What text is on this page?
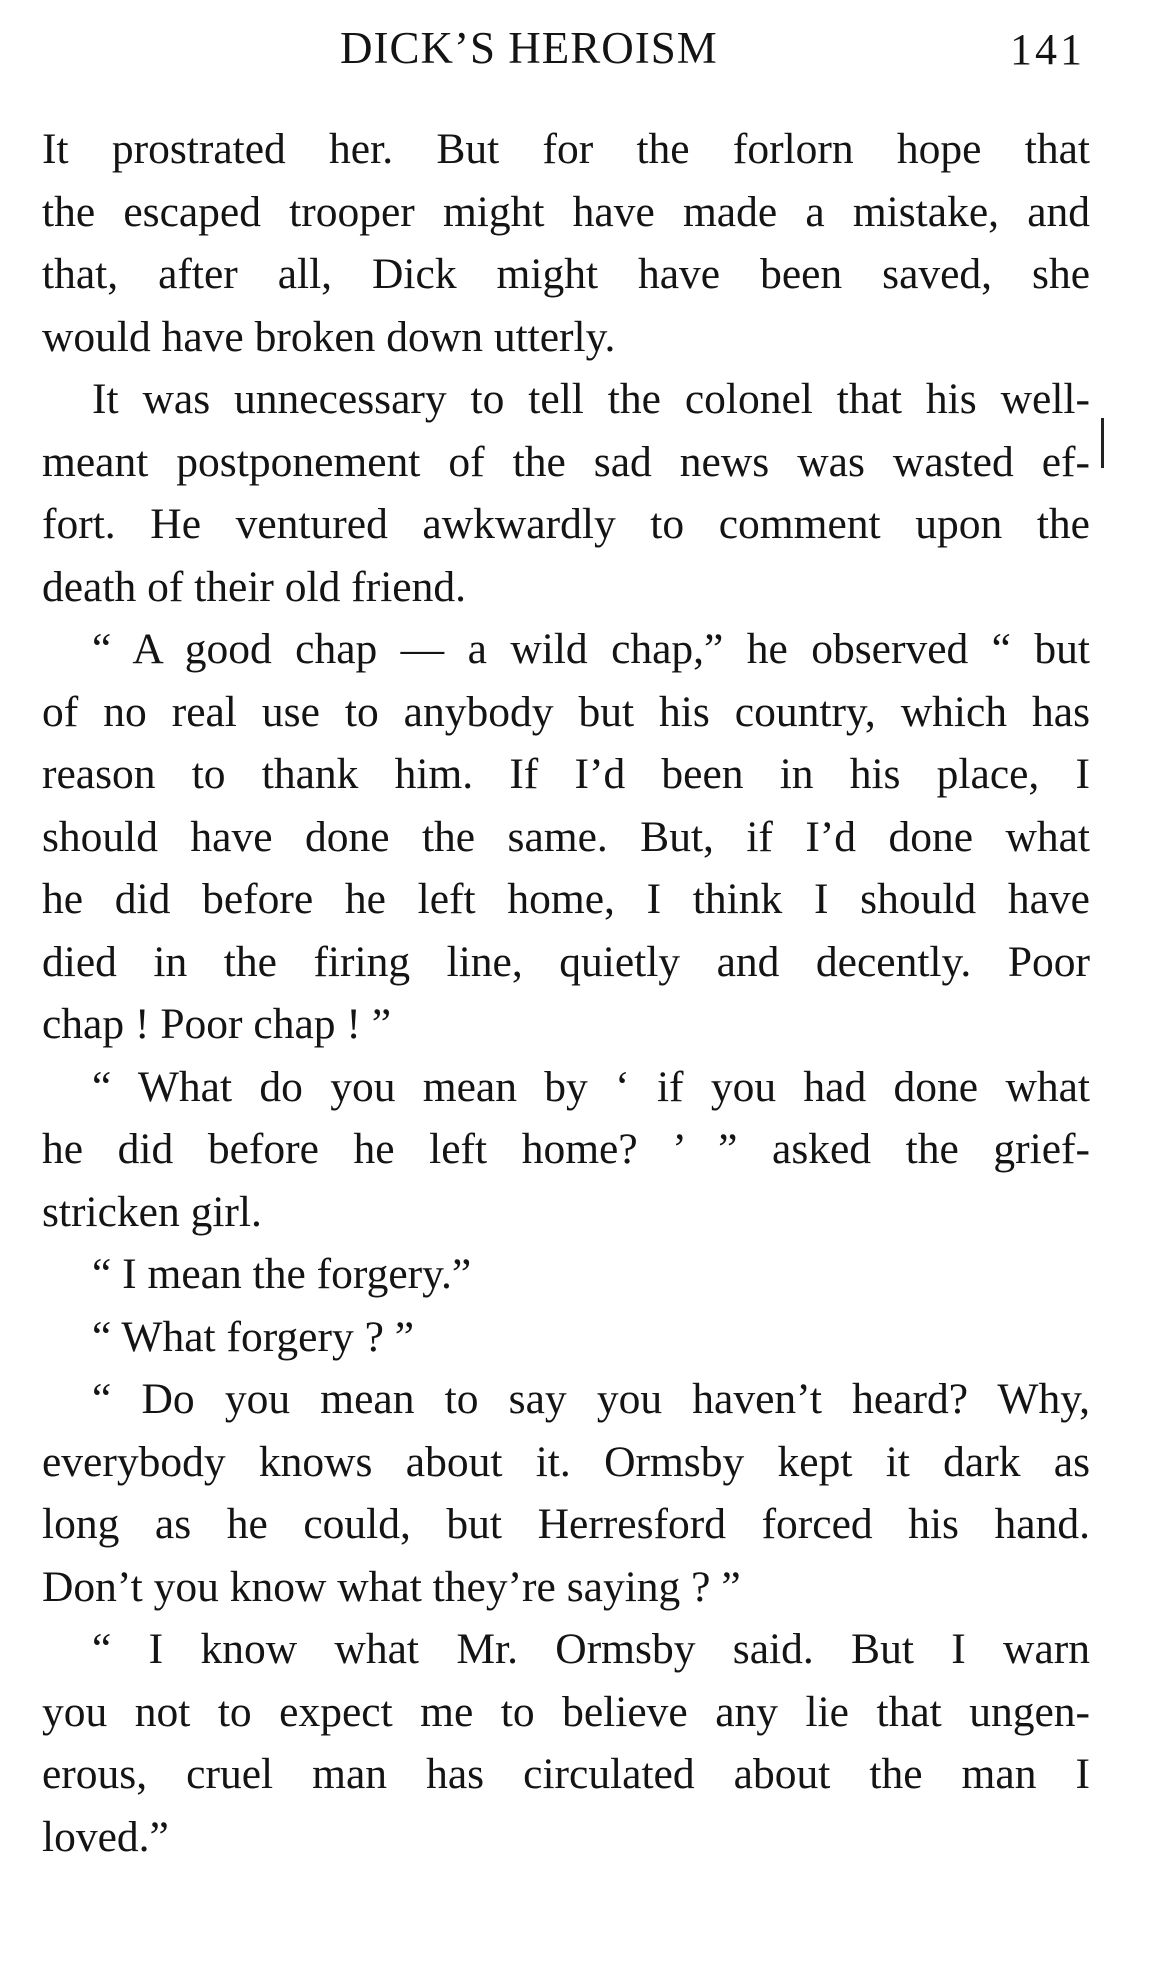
DICK’S HEROISM	141
It prostrated her. But for the forlorn hope that
the escaped trooper might have made a mistake, and
that, after all, Dick might have been saved, she
would have broken down utterly.
It was unnecessary to tell the colonel that his well-
meant postponement of the sad news was wasted ef-
fort. He ventured awkwardly to comment upon the
death of their old friend.
“ A good chap — a wild chap,” he observed “ but
of no real use to anybody but his country, which has
reason to thank him. If I’d been in his place, I
should have done the same. But, if I’d done what
he did before he left home, I think I should have
died in the firing line, quietly and decently. Poor
chap ! Poor chap ! ”
“ What do you mean by ‘ if you had done what
he did before he left home? ’ ” asked the grief-
stricken girl.
“ I mean the forgery.”
“ What forgery ? ”
“ Do you mean to say you haven’t heard? Why,
everybody knows about it. Ormsby kept it dark as
long as he could, but Herresford forced his hand.
Don’t you know what they’re saying ? ”
“ I know what Mr. Ormsby said. But I warn
you not to expect me to believe any lie that ungen-
erous, cruel man has circulated about the man I
loved.”
